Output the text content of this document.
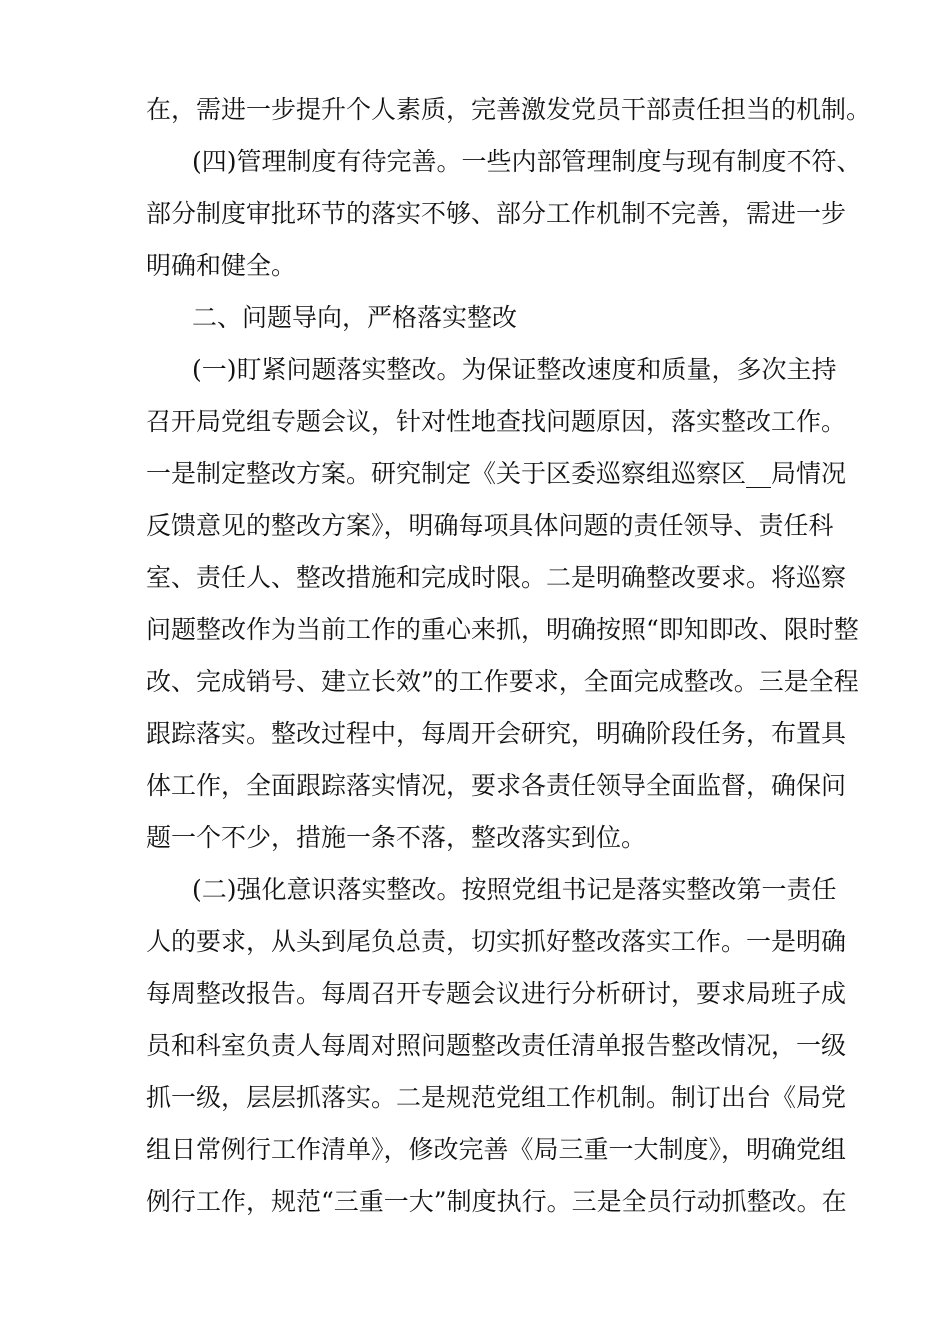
在，需进一步提升个人素质，完善激发党员干部责任担当的机制。
(四)管理制度有待完善。一些内部管理制度与现有制度不符、
部分制度审批环节的落实不够、部分工作机制不完善，需进一步
明确和健全。
二、问题导向，严格落实整改
(一)盯紧问题落实整改。为保证整改速度和质量，多次主持
召开局党组专题会议，针对性地查找问题原因，落实整改工作。
一是制定整改方案。研究制定《关于区委巡察组巡察区__局情况
反馈意见的整改方案》，明确每项具体问题的责任领导、责任科
室、责任人、整改措施和完成时限。二是明确整改要求。将巡察
问题整改作为当前工作的重心来抓，明确按照“即知即改、限时整
改、完成销号、建立长效”的工作要求，全面完成整改。三是全程
跟踪落实。整改过程中，每周开会研究，明确阶段任务，布置具
体工作，全面跟踪落实情况，要求各责任领导全面监督，确保问
题一个不少，措施一条不落，整改落实到位。
(二)强化意识落实整改。按照党组书记是落实整改第一责任
人的要求，从头到尾负总责，切实抓好整改落实工作。一是明确
每周整改报告。每周召开专题会议进行分析研讨，要求局班子成
员和科室负责人每周对照问题整改责任清单报告整改情况，一级
抓一级，层层抓落实。二是规范党组工作机制。制订出台《局党
组日常例行工作清单》，修改完善《局三重一大制度》，明确党组
例行工作，规范“三重一大”制度执行。三是全员行动抓整改。在
